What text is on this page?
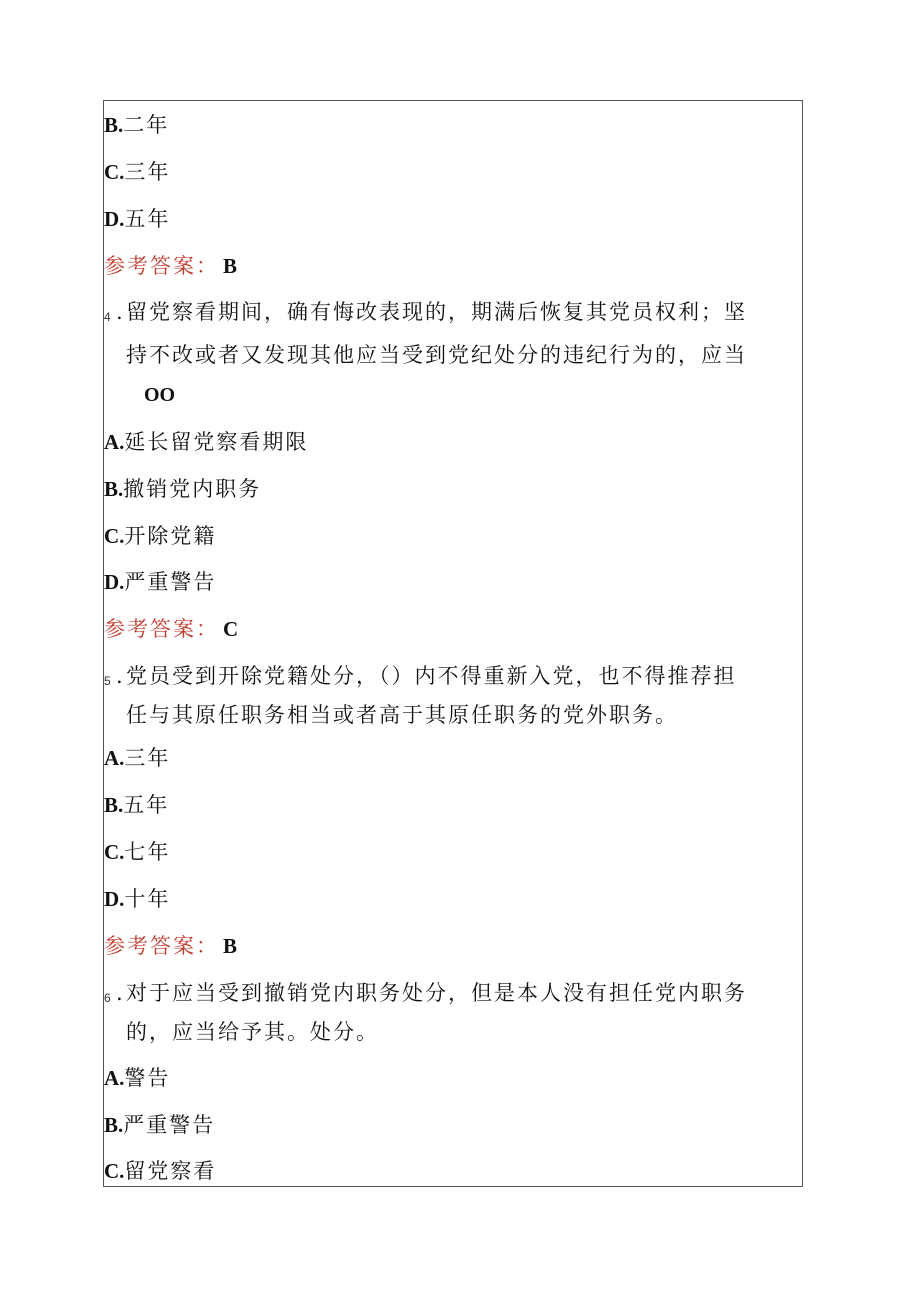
B.二年
C.三年
D.五年
参考答案： B
4 . 留党察看期间，确有悔改表现的，期满后恢复其党员权利；坚
持不改或者又发现其他应当受到党纪处分的违纪行为的，应当
OO
A.延长留党察看期限
B.撤销党内职务
C.开除党籍
D.严重警告
参考答案： C
5 . 党员受到开除党籍处分，（）内不得重新入党，也不得推荐担
任与其原任职务相当或者高于其原任职务的党外职务。
A.三年
B.五年
C.七年
D.十年
参考答案： B
6 . 对于应当受到撤销党内职务处分，但是本人没有担任党内职务
的，应当给予其。处分。
A.警告
B.严重警告
C.留党察看
